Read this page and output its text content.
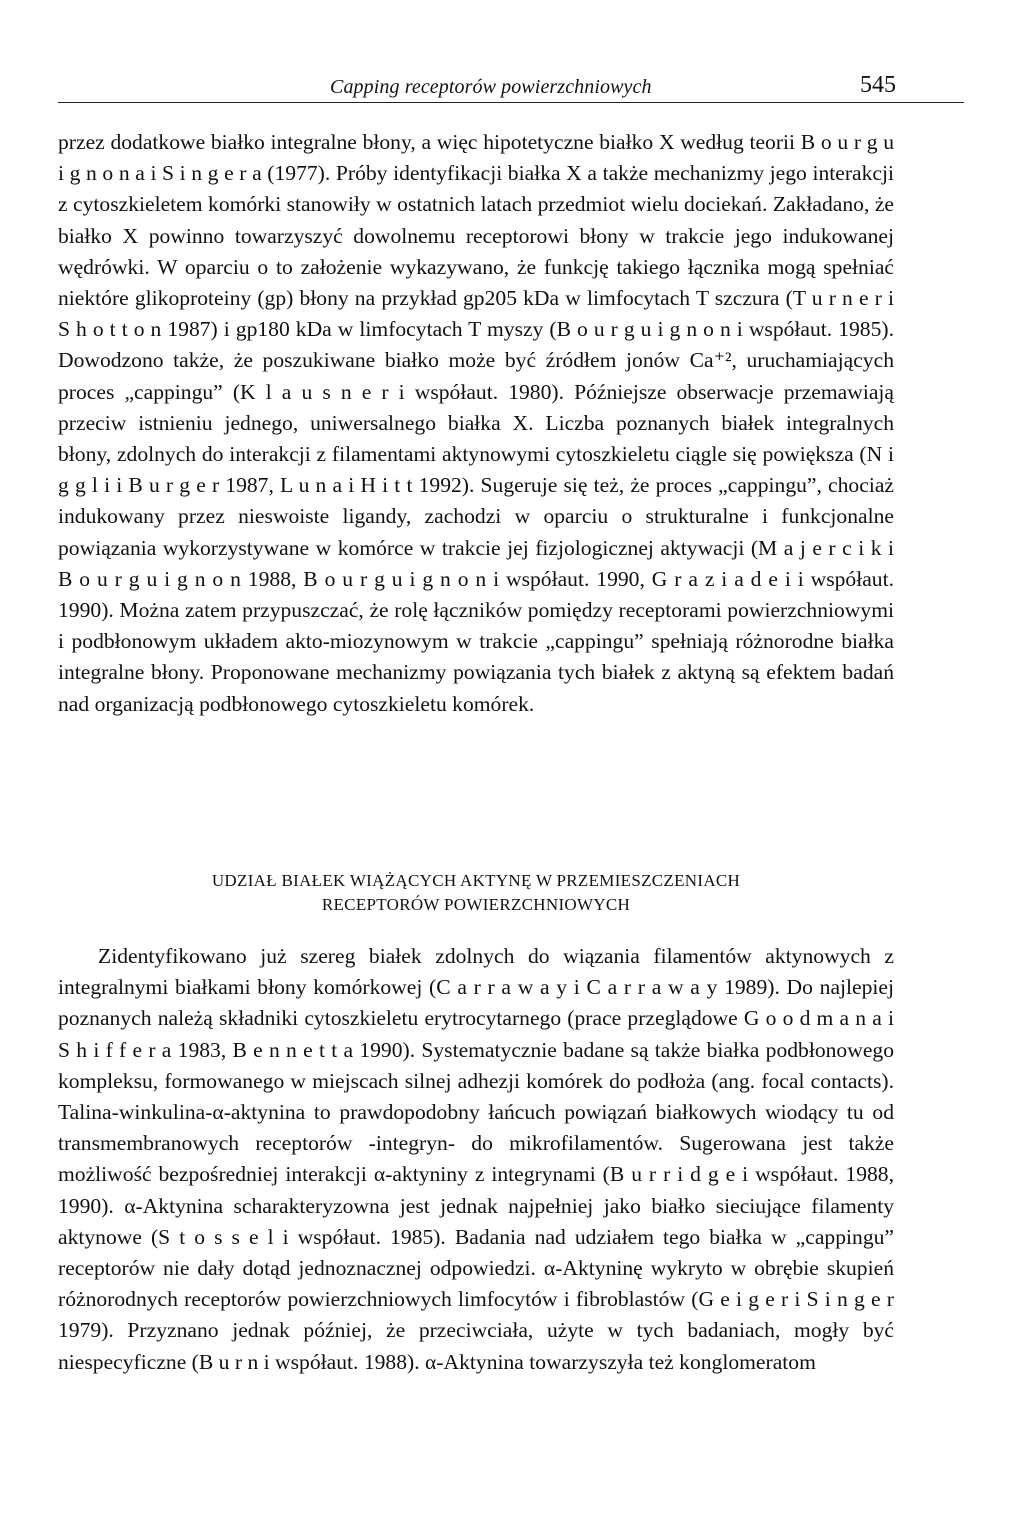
Capping receptorów powierzchniowych	545

przez dodatkowe białko integralne błony, a więc hipotetyczne białko X według teorii B o u r g u i g n o n a i S i n g e r a (1977). Próby identyfikacji białka X a także mechanizmy jego interakcji z cytoszkieletem komórki stanowiły w ostatnich latach przedmiot wielu dociekań. Zakładano, że białko X powinno towarzyszyć dowolnemu receptorowi błony w trakcie jego indukowanej wędrówki. W oparciu o to założenie wykazywano, że funkcję takiego łącznika mogą spełniać niektóre glikoproteiny (gp) błony na przykład gp205 kDa w limfocytach T szczura (T u r n e r i S h o t t o n 1987) i gp180 kDa w limfocytach T myszy (B o u r g u i g n o n i współaut. 1985). Dowodzono także, że poszukiwane białko może być źródłem jonów Ca⁺², uruchamiających proces „cappingu” (K l a u s n e r i współaut. 1980). Późniejsze obserwacje przemawiają przeciw istnieniu jednego, uniwersalnego białka X. Liczba poznanych białek integralnych błony, zdolnych do interakcji z filamentami aktynowymi cytoszkieletu ciągle się powiększa (N i g g l i i B u r g e r 1987, L u n a i H i t t 1992). Sugeruje się też, że proces „cappingu”, chociaż indukowany przez nieswoiste ligandy, zachodzi w oparciu o strukturalne i funkcjonalne powiązania wykorzystywane w komórce w trakcie jej fizjologicznej aktywacji (M a j e r c i k i B o u r g u i g n o n 1988, B o u r g u i g n o n i współaut. 1990, G r a z i a d e i i współaut. 1990). Można zatem przypuszczać, że rolę łączników pomiędzy receptorami powierzchniowymi i podbłonowym układem akto-miozynowym w trakcie „cappingu” spełniają różnorodne białka integralne błony. Proponowane mechanizmy powiązania tych białek z aktyną są efektem badań nad organizacją podbłonowego cytoszkieletu komórek.

UDZIAŁ BIAŁEK WIĄŻĄCYCH AKTYNĘ W PRZEMIESZCZENIACH
RECEPTORÓW POWIERZCHNIOWYCH

Zidentyfikowano już szereg białek zdolnych do wiązania filamentów aktynowych z integralnymi białkami błony komórkowej (C a r r a w a y i C a r r a w a y 1989). Do najlepiej poznanych należą składniki cytoszkieletu erytrocytarnego (prace przeglądowe G o o d m a n a i S h i f f e r a 1983, B e n n e t t a 1990). Systematycznie badane są także białka podbłonowego kompleksu, formowanego w miejscach silnej adhezji komórek do podłoża (ang. focal contacts). Talina-winkulina-α-aktynina to prawdopodobny łańcuch powiązań białkowych wiodący tu od transmembranowych receptorów -integryn- do mikrofilamentów. Sugerowana jest także możliwość bezpośredniej interakcji α-aktyniny z integrynami (B u r r i d g e i współaut. 1988, 1990). α-Aktynina scharakteryzowna jest jednak najpełniej jako białko sieciujące filamenty aktynowe (S t o s s e l i współaut. 1985). Badania nad udziałem tego białka w „cappingu” receptorów nie dały dotąd jednoznacznej odpowiedzi. α-Aktyninę wykryto w obrębie skupień różnorodnych receptorów powierzchniowych limfocytów i fibroblastów (G e i g e r i S i n g e r 1979). Przyznano jednak później, że przeciwciała, użyte w tych badaniach, mogły być niespecyficzne (B u r n i współaut. 1988). α-Aktynina towarzyszyła też konglomeratom
